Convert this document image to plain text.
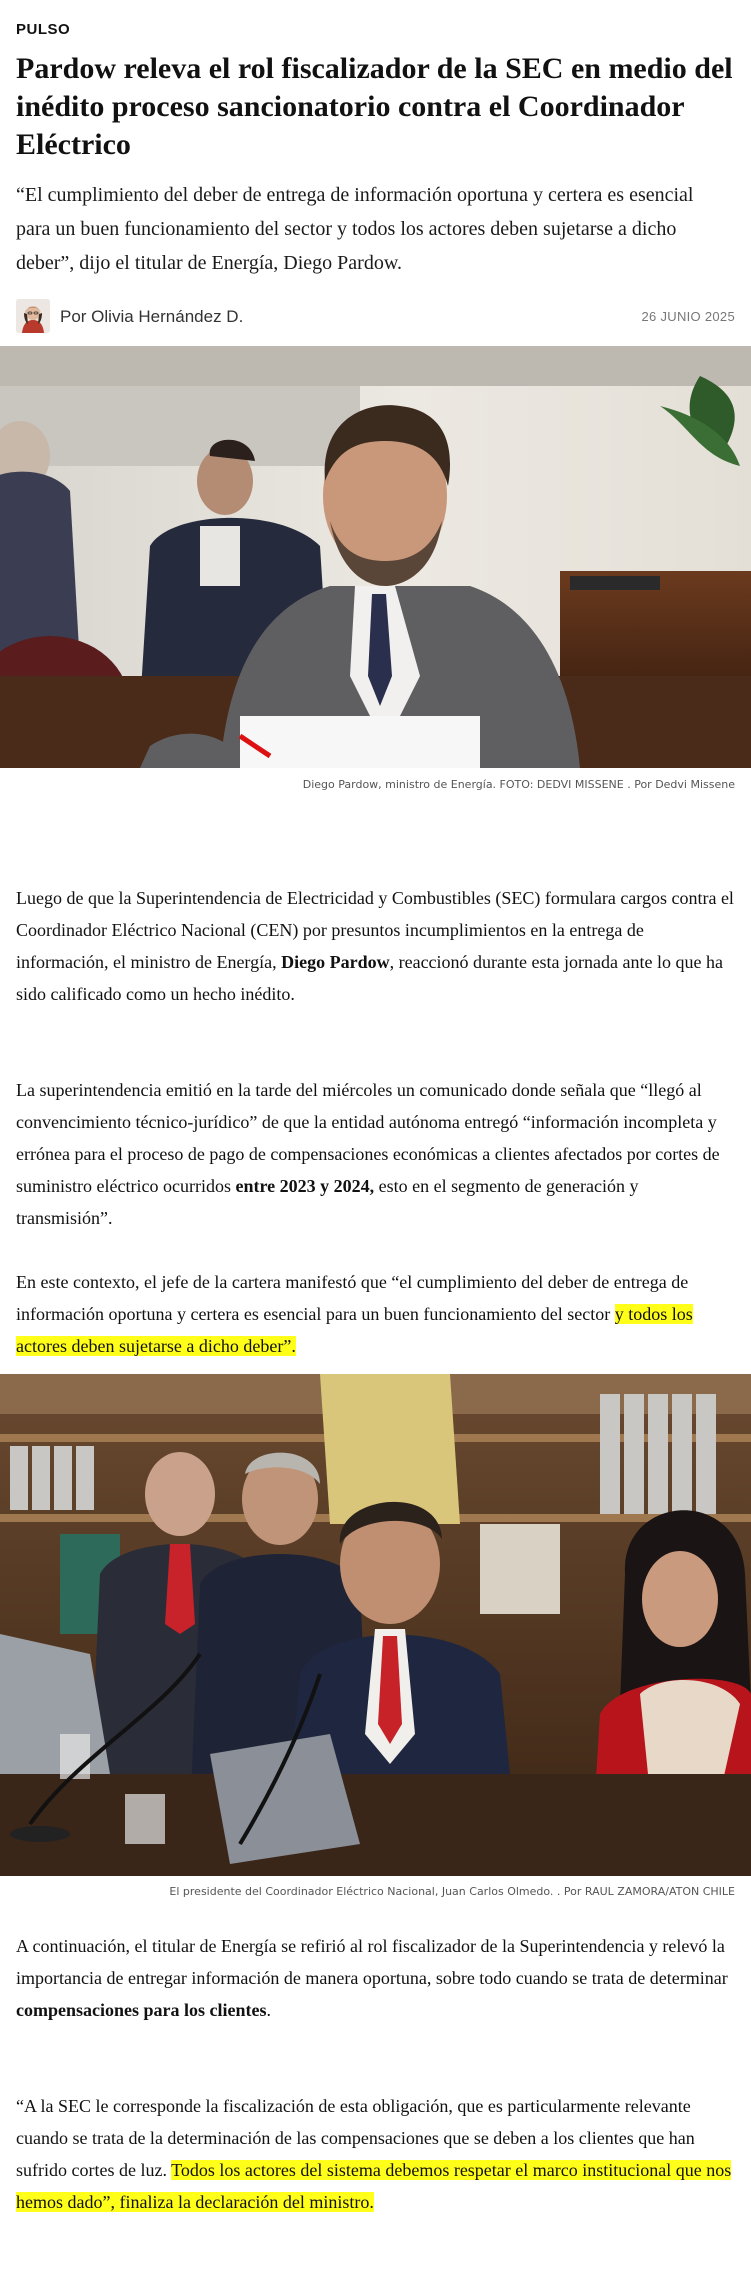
PULSO
Pardow releva el rol fiscalizador de la SEC en medio del inédito proceso sancionatorio contra el Coordinador Eléctrico

“El cumplimiento del deber de entrega de información oportuna y certera es esencial para un buen funcionamiento del sector y todos los actores deben sujetarse a dicho deber”, dijo el titular de Energía, Diego Pardow.

Por Olivia Hernández D.	26 JUNIO 2025
Diego Pardow, ministro de Energía. FOTO: DEDVI MISSENE . Por Dedvi Missene

Luego de que la Superintendencia de Electricidad y Combustibles (SEC) formulara cargos contra el Coordinador Eléctrico Nacional (CEN) por presuntos incumplimientos en la entrega de información, el ministro de Energía, Diego Pardow, reaccionó durante esta jornada ante lo que ha sido calificado como un hecho inédito.

La superintendencia emitió en la tarde del miércoles un comunicado donde señala que “llegó al convencimiento técnico-jurídico” de que la entidad autónoma entregó “información incompleta y errónea para el proceso de pago de compensaciones económicas a clientes afectados por cortes de suministro eléctrico ocurridos entre 2023 y 2024, esto en el segmento de generación y transmisión”.

En este contexto, el jefe de la cartera manifestó que “el cumplimiento del deber de entrega de información oportuna y certera es esencial para un buen funcionamiento del sector y todos los actores deben sujetarse a dicho deber”.

El presidente del Coordinador Eléctrico Nacional, Juan Carlos Olmedo. . Por RAUL ZAMORA/ATON CHILE

A continuación, el titular de Energía se refirió al rol fiscalizador de la Superintendencia y relevó la importancia de entregar información de manera oportuna, sobre todo cuando se trata de determinar compensaciones para los clientes.

“A la SEC le corresponde la fiscalización de esta obligación, que es particularmente relevante cuando se trata de la determinación de las compensaciones que se deben a los clientes que han sufrido cortes de luz. Todos los actores del sistema debemos respetar el marco institucional que nos hemos dado”, finaliza la declaración del ministro.
